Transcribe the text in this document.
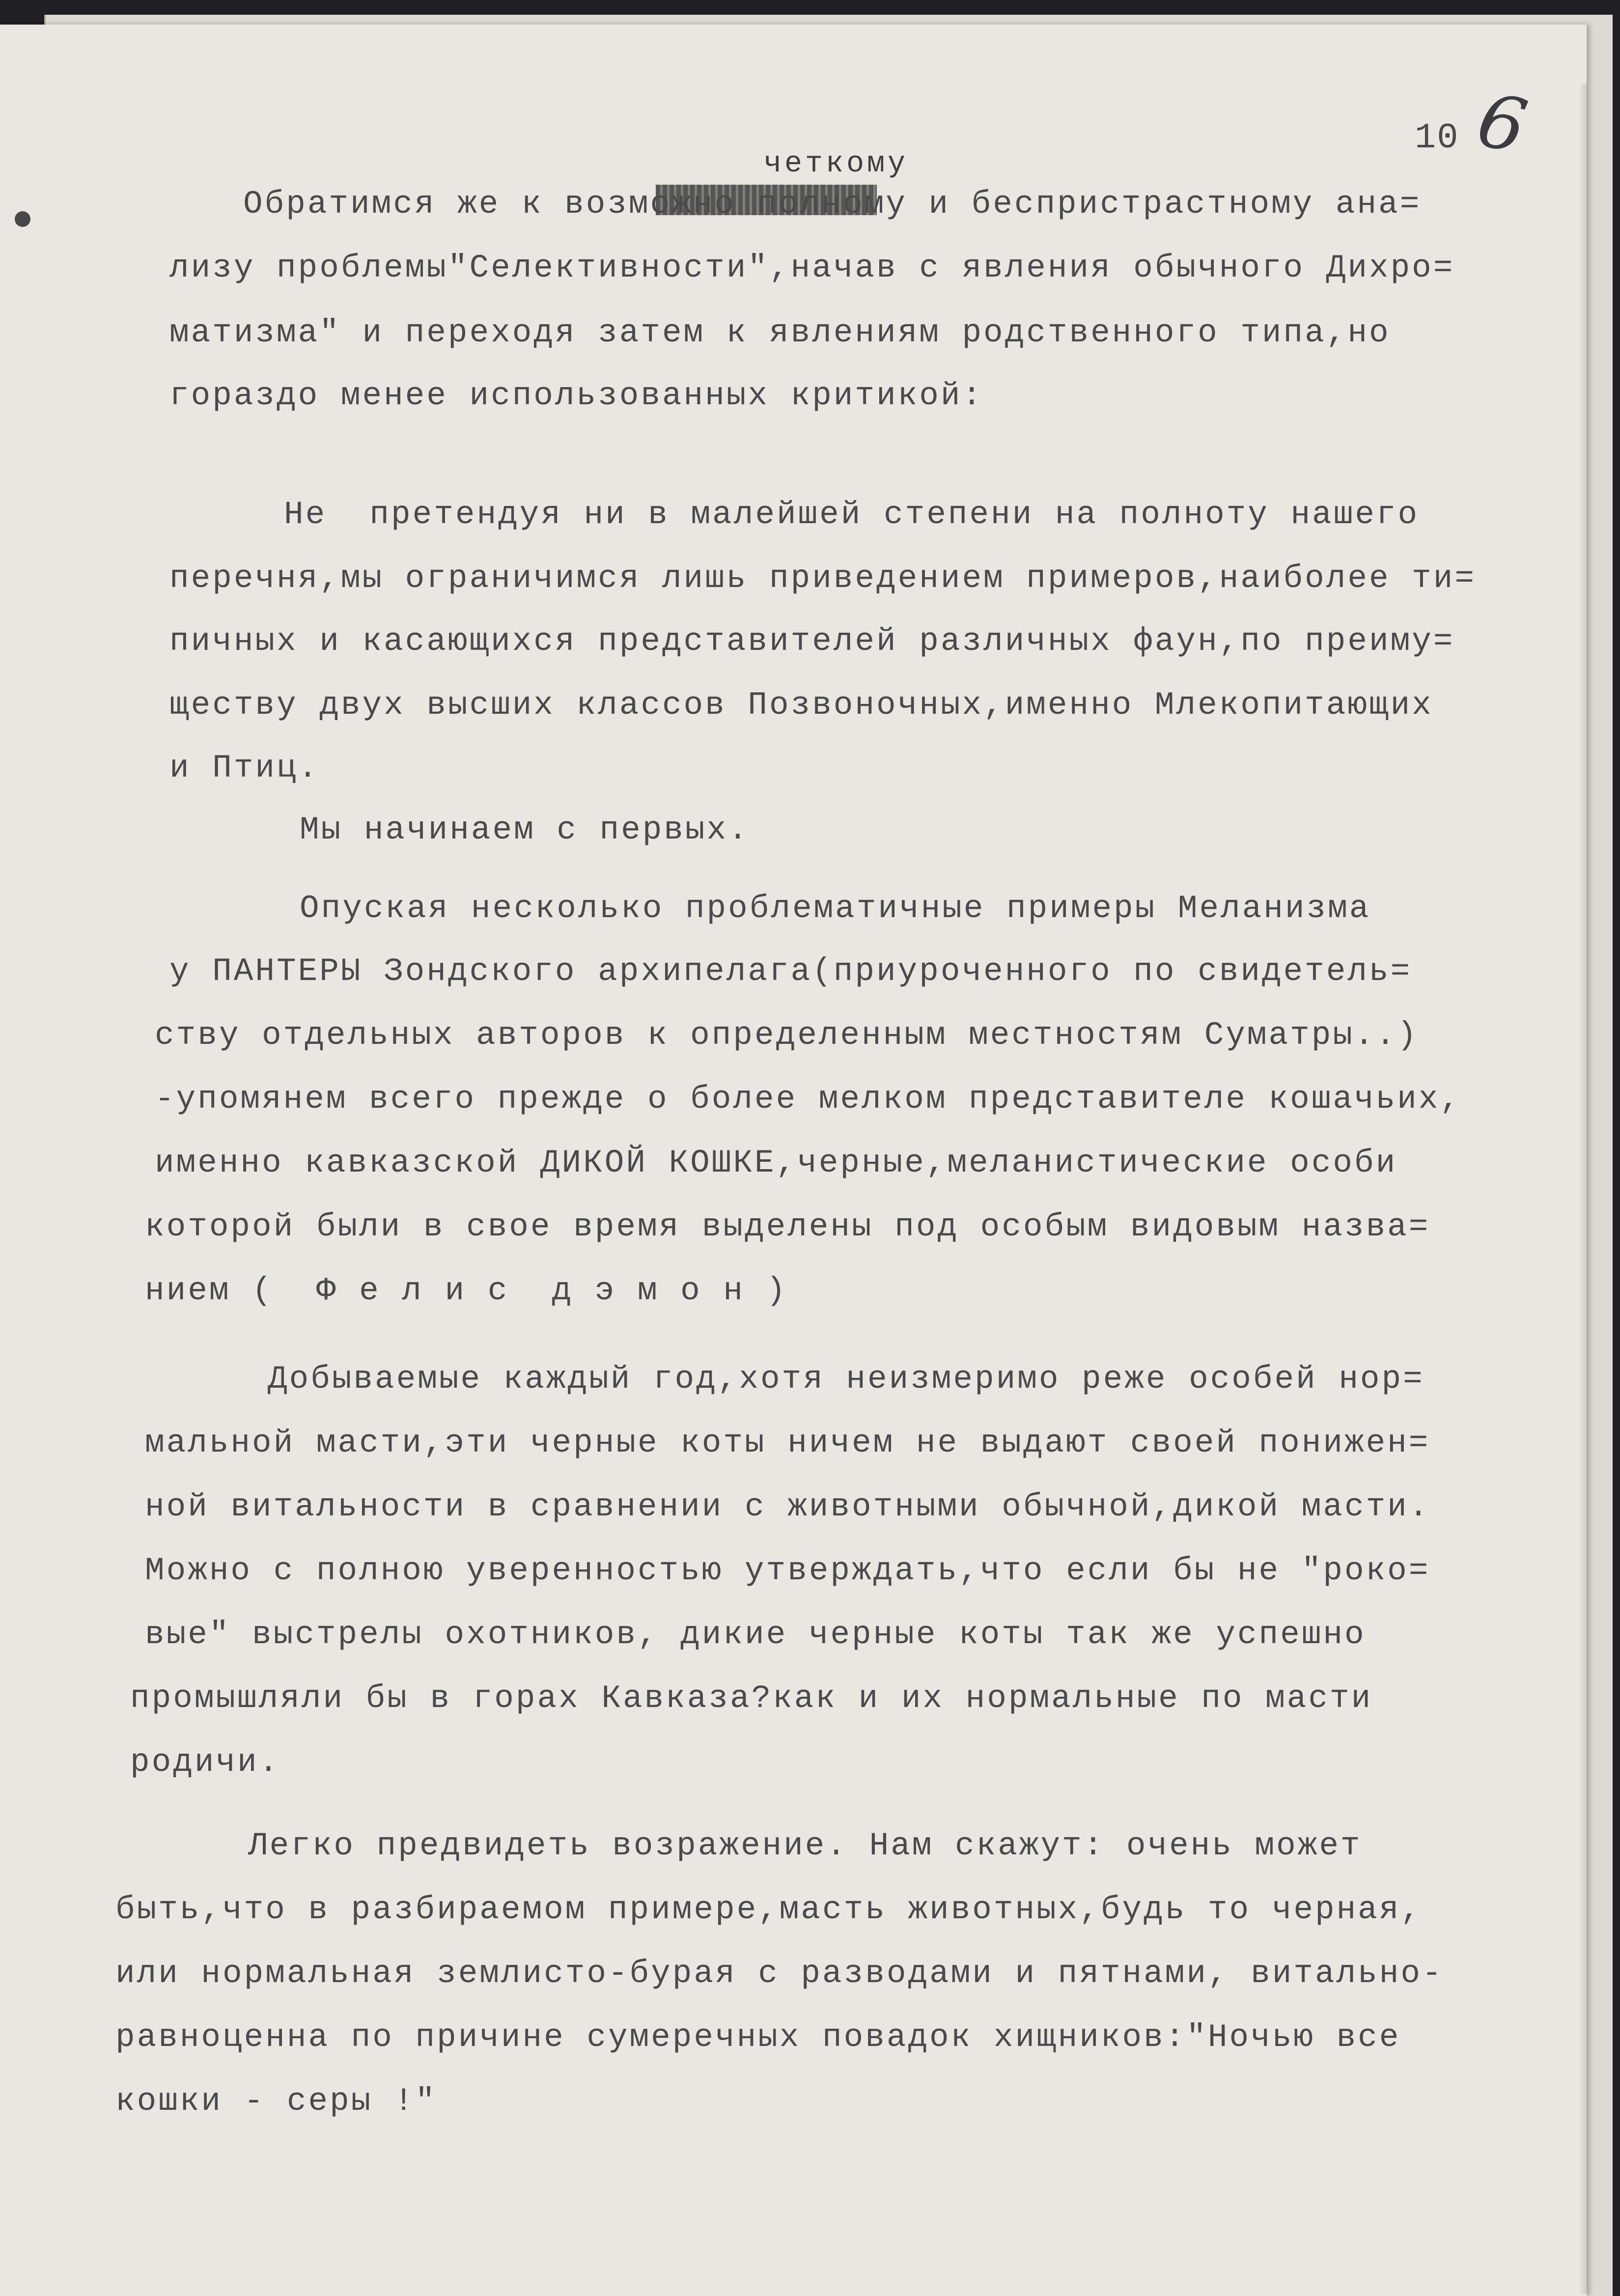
6
10
четкому

Обратимся же к возможно полному и беспристрастному ана=

лизу проблемы"Селективности",начав с явления обычного Дихро=

матизма" и переходя затем к явлениям родственного типа,но

гораздо менее использованных критикой:

Не  претендуя ни в малейшей степени на полноту нашего

перечня,мы ограничимся лишь приведением примеров,наиболее ти=

пичных и касающихся представителей различных фаун,по преиму=

ществу двух высших классов Позвоночных,именно Млекопитающих

и Птиц.

Мы начинаем с первых.

Опуская несколько проблематичные примеры Меланизма

у ПАНТЕРЫ Зондского архипелага(приуроченного по свидетель=

ству отдельных авторов к определенным местностям Суматры..)

-упомянем всего прежде о более мелком представителе кошачьих,

именно кавказской ДИКОЙ КОШКЕ,черные,меланистические особи

которой были в свое время выделены под особым видовым назва=

нием (  Ф е л и с  д э м о н )

Добываемые каждый год,хотя неизмеримо реже особей нор=

мальной масти,эти черные коты ничем не выдают своей понижен=

ной витальности в сравнении с животными обычной,дикой масти.

Можно с полною уверенностью утверждать,что если бы не "роко=

вые" выстрелы охотников, дикие черные коты так же успешно

промышляли бы в горах Кавказа?как и их нормальные по масти

родичи.

Легко предвидеть возражение. Нам скажут: очень может

быть,что в разбираемом примере,масть животных,будь то черная,

или нормальная землисто-бурая с разводами и пятнами, витально-

равноценна по причине сумеречных повадок хищников:"Ночью все

кошки - серы !"
